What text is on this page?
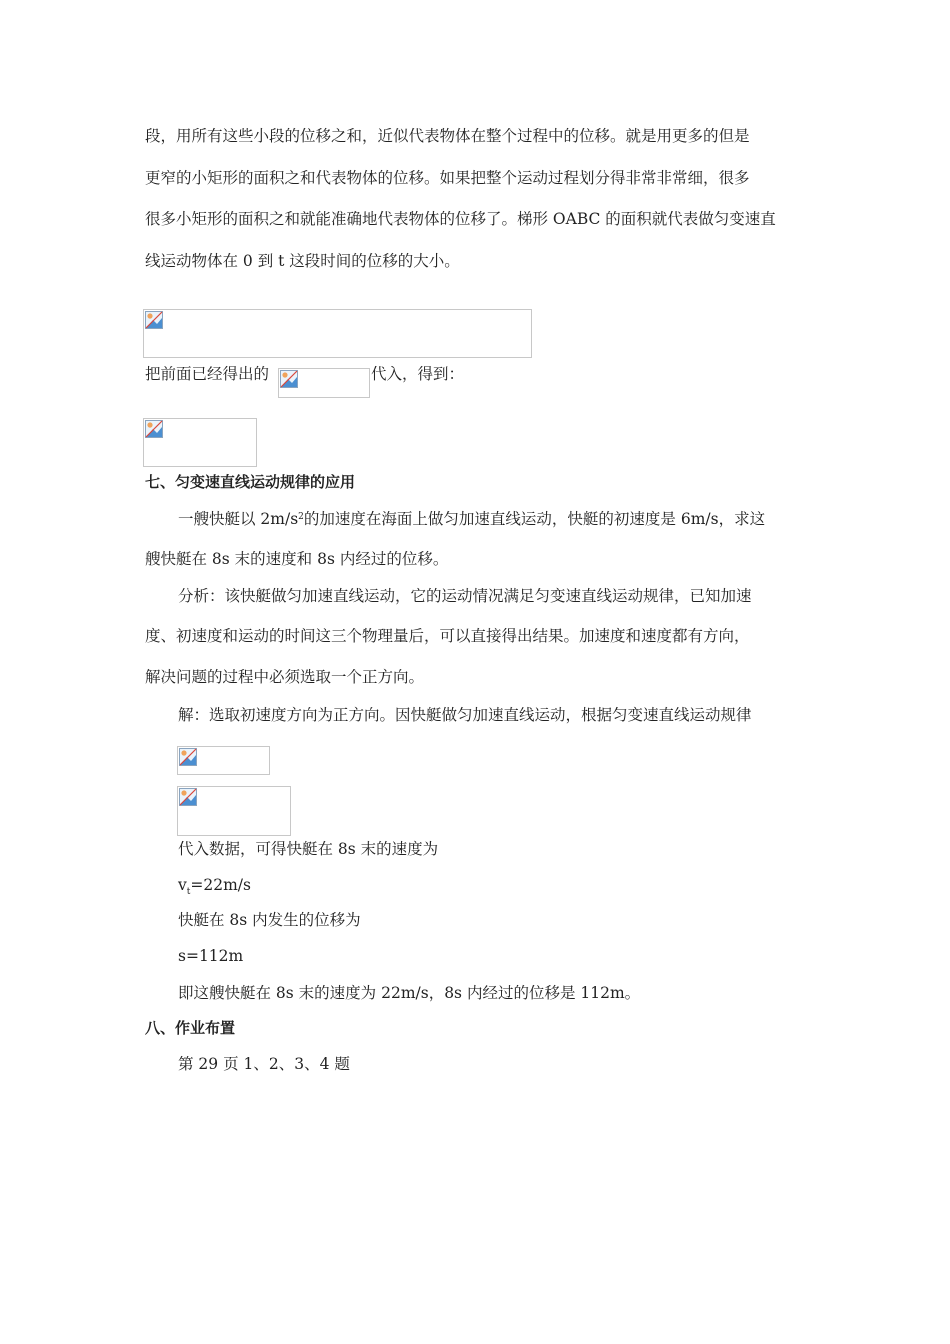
段，用所有这些小段的位移之和，近似代表物体在整个过程中的位移。就是用更多的但是
更窄的小矩形的面积之和代表物体的位移。如果把整个运动过程划分得非常非常细，很多
很多小矩形的面积之和就能准确地代表物体的位移了。梯形 OABC 的面积就代表做匀变速直
线运动物体在 0 到 t 这段时间的位移的大小。
把前面已经得出的	代入，得到：
七、匀变速直线运动规律的应用
一艘快艇以 $2m/s^2$的加速度在海面上做匀加速直线运动，快艇的初速度是 6m/s，求这
艘快艇在 8s 末的速度和 8s 内经过的位移。
分析：该快艇做匀加速直线运动，它的运动情况满足匀变速直线运动规律，已知加速
度、初速度和运动的时间这三个物理量后，可以直接得出结果。加速度和速度都有方向，
解决问题的过程中必须选取一个正方向。
解：选取初速度方向为正方向。因快艇做匀加速直线运动，根据匀变速直线运动规律
代入数据，可得快艇在 8s 末的速度为
$v_t=22m/s$
快艇在 8s 内发生的位移为
s=112m
即这艘快艇在 8s 末的速度为 22m/s，8s 内经过的位移是 112m。
八、作业布置
第 29 页 1、2、3、4 题
